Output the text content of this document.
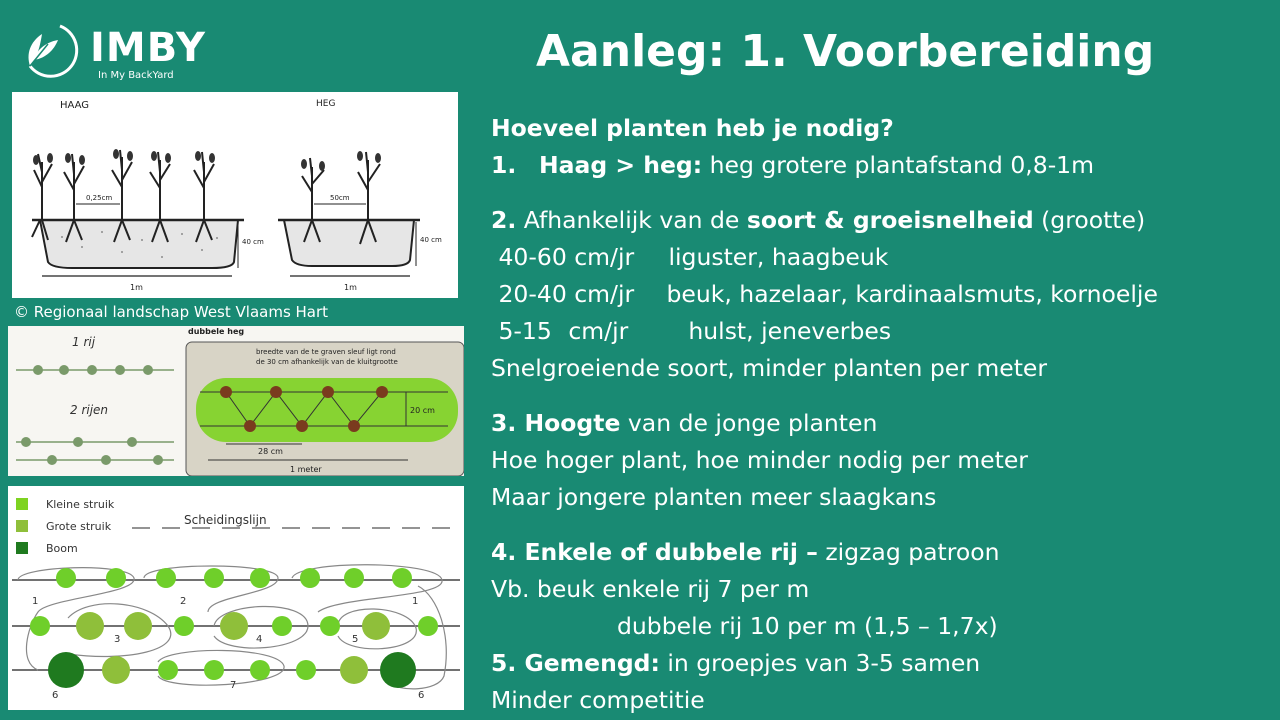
IMBY
In My BackYard	Aanleg: 1. Voorbereiding
HAAG	HEG
0,25cm
40 cm
1m
50cm
40 cm
1m
© Regionaal landschap West Vlaams Hart
1 rij
2 rijen
dubbele heg
breedte van de te graven sleuf ligt rond
de 30 cm afhankelijk van de kluitgrootte
20 cm
28 cm
1 meter
Kleine struik
Grote struik
Boom
Scheidingslijn
1	2
3	4	5
6
7
6
1
Hoeveel planten heb je nodig?
1. Haag > heg: heg grotere plantafstand 0,8-1m
2. Afhankelijk van de soort & groeisnelheid (grootte)
40-60 cm/jr liguster, haagbeuk
20-40 cm/jr beuk, hazelaar, kardinaalsmuts, kornoelje
5-15 cm/jr	hulst, jeneverbes
Snelgroeiende soort, minder planten per meter
3. Hoogte van de jonge planten
Hoe hoger plant, hoe minder nodig per meter
Maar jongere planten meer slaagkans
4. Enkele of dubbele rij – zigzag patroon
Vb. beuk enkele rij 7 per m
dubbele rij 10 per m (1,5 – 1,7x)
5. Gemengd: in groepjes van 3-5 samen
Minder competitie
